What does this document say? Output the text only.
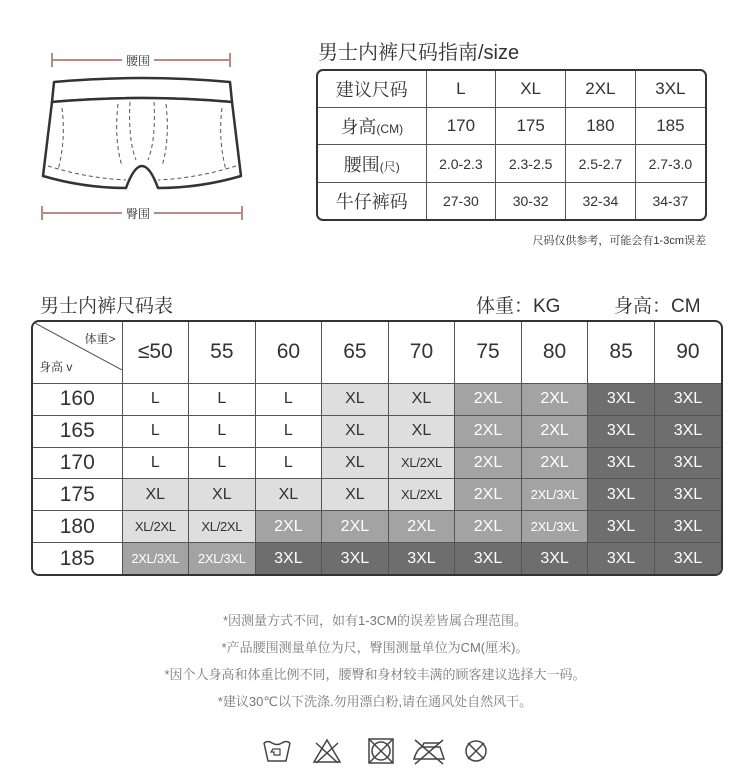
腰围
臀围
男士内裤尺码指南/size
建议尺码	L	XL	2XL	3XL
身高(CM)	170	175	180	185
腰围(尺)	2.0-2.3	2.3-2.5	2.5-2.7	2.7-3.0
牛仔裤码	27-30	30-32	32-34	34-37
尺码仅供参考，可能会有1-3cm误差
男士内裤尺码表	体重：KG	身高：CM
体重>
身高 v	≤50	55	60	65	70	75	80	85	90
160	L	L	L	XL	XL	2XL	2XL	3XL	3XL
165	L	L	L	XL	XL	2XL	2XL	3XL	3XL
170	L	L	L	XL	XL/2XL	2XL	2XL	3XL	3XL
175	XL	XL	XL	XL	XL/2XL	2XL	2XL/3XL	3XL	3XL
180	XL/2XL	XL/2XL	2XL	2XL	2XL	2XL	2XL/3XL	3XL	3XL
185	2XL/3XL	2XL/3XL	3XL	3XL	3XL	3XL	3XL	3XL	3XL

*因测量方式不同，如有1-3CM的误差皆属合理范围。

*产品腰围测量单位为尺，臀围测量单位为CM(厘米)。

*因个人身高和体重比例不同，腰臀和身材较丰满的顾客建议选择大一码。

*建议30℃以下洗涤.勿用漂白粉,请在通风处自然风干。
